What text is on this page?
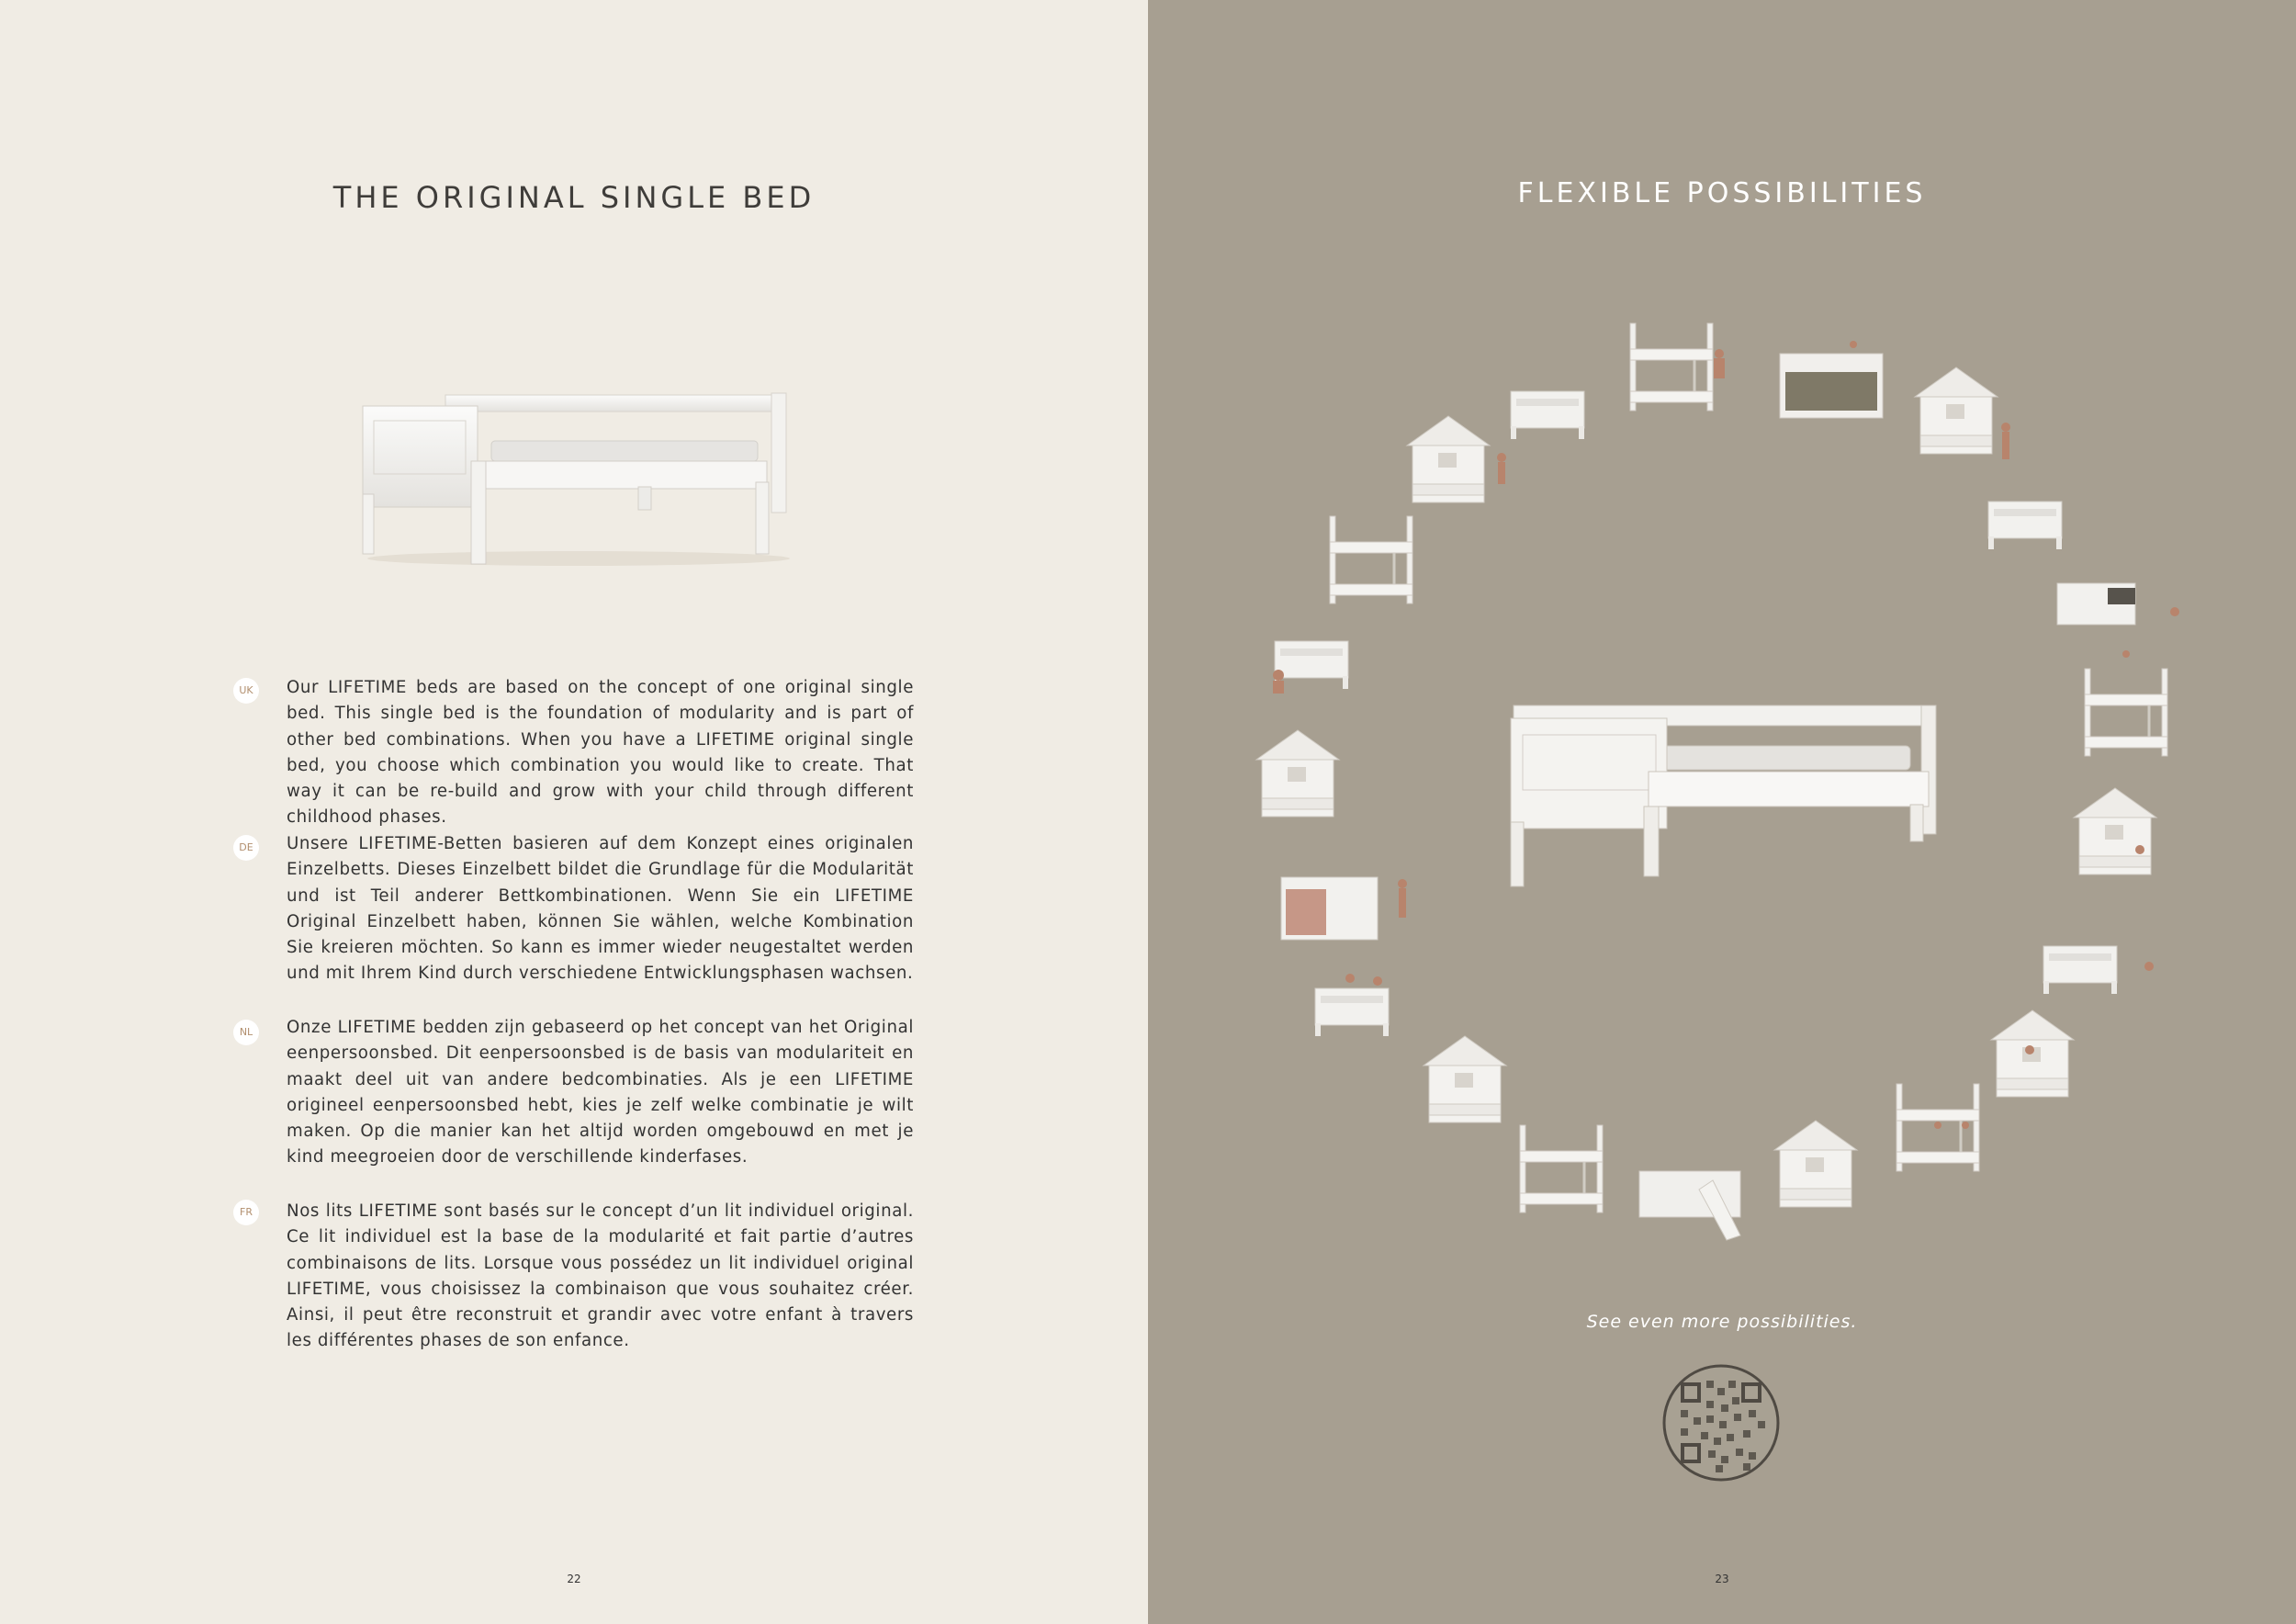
THE ORIGINAL SINGLE BED
UK	Our LIFETIME beds are based on the concept of one original single bed. This single bed is the foundation of modularity and is part of other bed combinations. When you have a LIFETIME original single bed, you choose which combination you would like to create. That way it can be re-build and grow with your child through different childhood phases.

DE	Unsere LIFETIME-Betten basieren auf dem Konzept eines originalen Einzelbetts. Dieses Einzelbett bildet die Grundlage für die Modularität und ist Teil anderer Bettkombinationen. Wenn Sie ein LIFETIME Original Einzelbett haben, können Sie wählen, welche Kombination Sie kreieren möchten. So kann es immer wieder neugestaltet werden und mit Ihrem Kind durch verschiedene Entwicklungsphasen wachsen.

NL	Onze LIFETIME bedden zijn gebaseerd op het concept van het Original eenpersoonsbed. Dit eenpersoonsbed is de basis van modulariteit en maakt deel uit van andere bedcombinaties. Als je een LIFETIME origineel eenpersoonsbed hebt, kies je zelf welke combinatie je wilt maken. Op die manier kan het altijd worden omgebouwd en met je kind meegroeien door de verschillende kinderfases.

FR	Nos lits LIFETIME sont basés sur le concept d’un lit individuel original. Ce lit individuel est la base de la modularité et fait partie d’autres combinaisons de lits. Lorsque vous possédez un lit individuel original LIFETIME, vous choisissez la combinaison que vous souhaitez créer. Ainsi, il peut être reconstruit et grandir avec votre enfant à travers les différentes phases de son enfance.

22
FLEXIBLE POSSIBILITIES
See even more possibilities.
23
